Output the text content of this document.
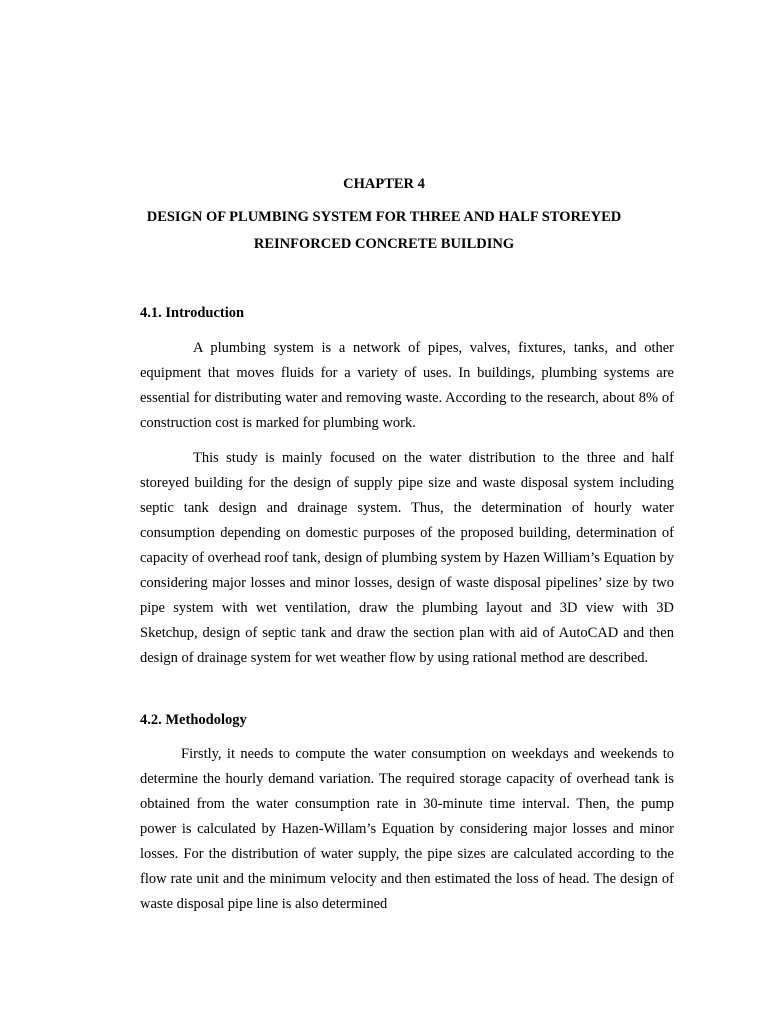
CHAPTER 4
DESIGN OF PLUMBING SYSTEM FOR THREE AND HALF STOREYED
REINFORCED CONCRETE BUILDING
4.1. Introduction

A plumbing system is a network of pipes, valves, fixtures, tanks, and other equipment that moves fluids for a variety of uses. In buildings, plumbing systems are essential for distributing water and removing waste. According to the research, about 8% of construction cost is marked for plumbing work.

This study is mainly focused on the water distribution to the three and half storeyed building for the design of supply pipe size and waste disposal system including septic tank design and drainage system. Thus, the determination of hourly water consumption depending on domestic purposes of the proposed building, determination of capacity of overhead roof tank, design of plumbing system by Hazen William’s Equation by considering major losses and minor losses, design of waste disposal pipelines’ size by two pipe system with wet ventilation, draw the plumbing layout and 3D view with 3D Sketchup, design of septic tank and draw the section plan with aid of AutoCAD and then design of drainage system for wet weather flow by using rational method are described.

4.2. Methodology

Firstly, it needs to compute the water consumption on weekdays and weekends to determine the hourly demand variation. The required storage capacity of overhead tank is obtained from the water consumption rate in 30-minute time interval. Then, the pump power is calculated by Hazen-Willam’s Equation by considering major losses and minor losses. For the distribution of water supply, the pipe sizes are calculated according to the flow rate unit and the minimum velocity and then estimated the loss of head. The design of waste disposal pipe line is also determined
